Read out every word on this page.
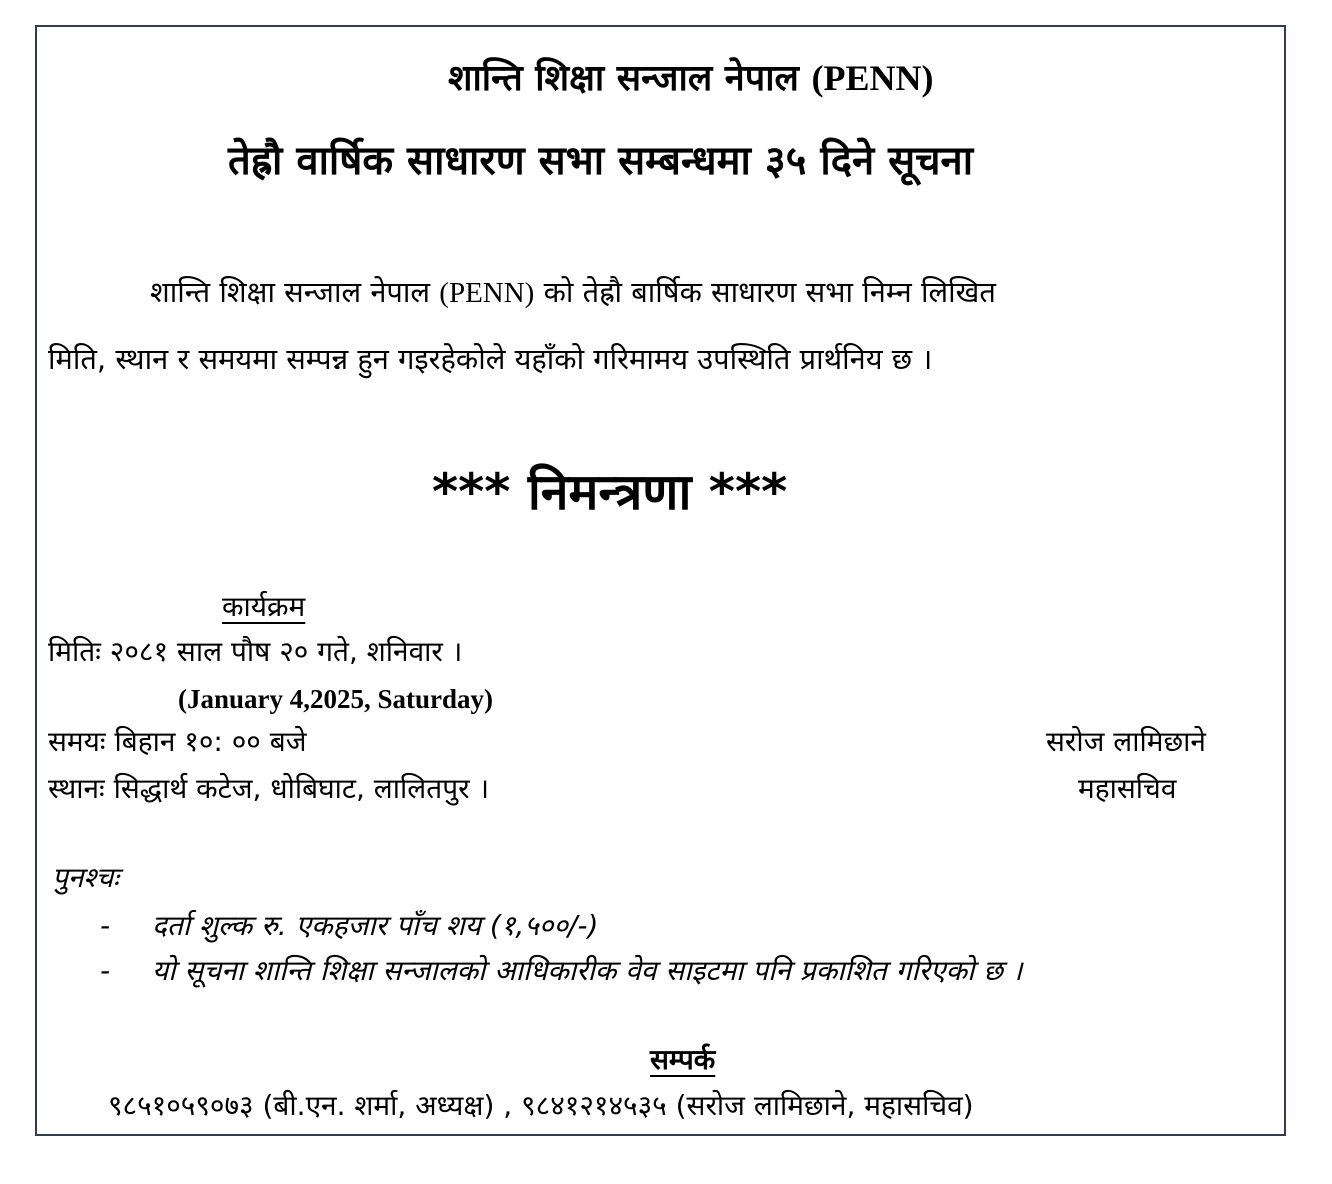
शान्ति शिक्षा सन्जाल नेपाल (PENN)
तेह्रौ वार्षिक साधारण सभा सम्बन्धमा ३५ दिने सूचना
शान्ति शिक्षा सन्जाल नेपाल (PENN) को तेह्रौ बार्षिक साधारण सभा निम्न लिखित
मिति, स्थान र समयमा सम्पन्न हुन गइरहेकोले यहाँको गरिमामय उपस्थिति प्रार्थनिय छ ।
*** निमन्त्रणा ***
कार्यक्रम
मितिः २०८१ साल पौष २० गते, शनिवार ।
(January 4,2025, Saturday)
समयः बिहान १०: ०० बजे
स्थानः सिद्धार्थ कटेज, धोबिघाट, लालितपुर ।
सरोज लामिछाने
महासचिव
पुनश्चः
- दर्ता शुल्क रु. एकहजार पाँच शय (१,५००/-)
- यो सूचना शान्ति शिक्षा सन्जालको आधिकारीक वेव साइटमा पनि प्रकाशित गरिएको छ ।
सम्पर्क
९८५१०५९०७३ (बी.एन. शर्मा, अध्यक्ष) , ९८४१२१४५३५ (सरोज लामिछाने, महासचिव)
